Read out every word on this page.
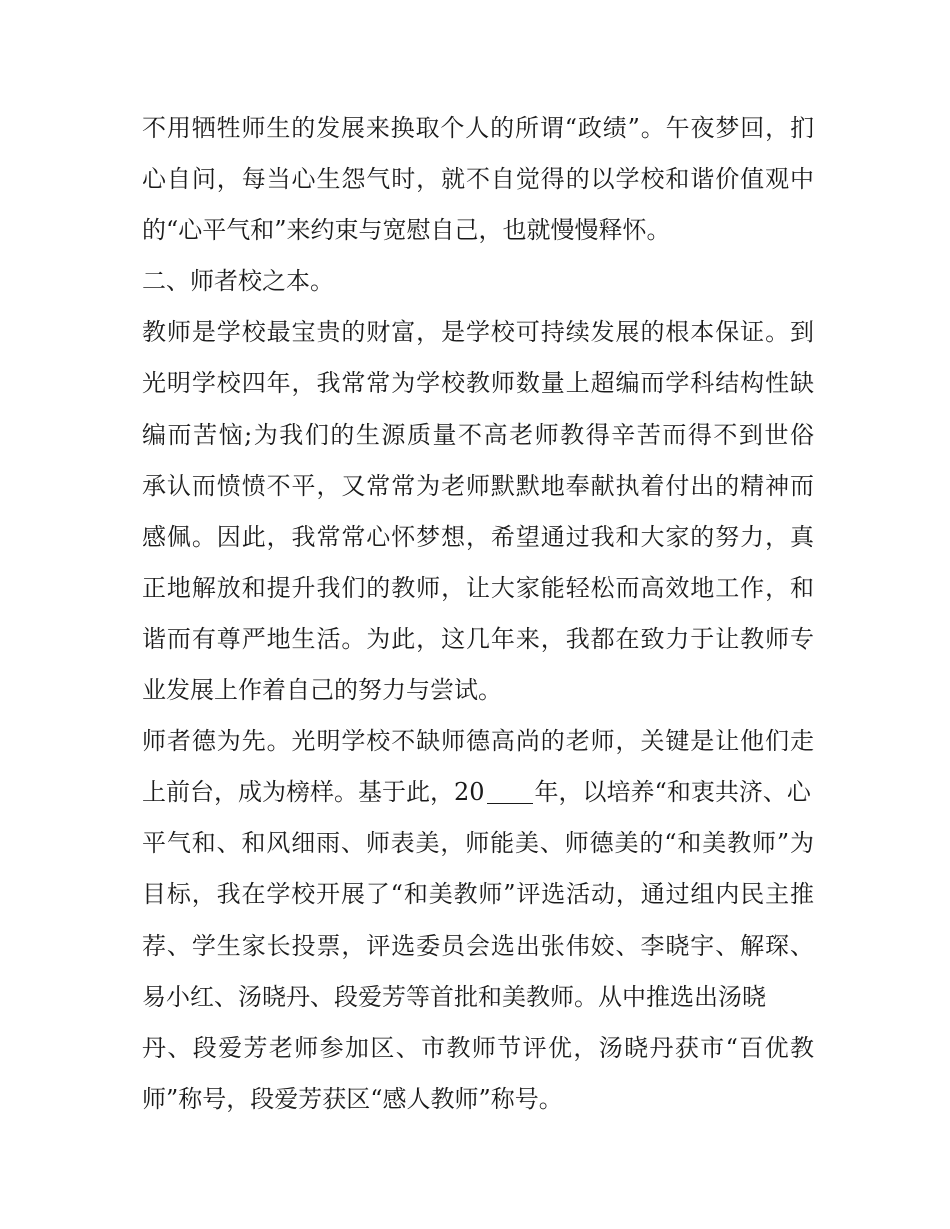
不用牺牲师生的发展来换取个人的所谓“政绩”。午夜梦回，扪
心自问，每当心生怨气时，就不自觉得的以学校和谐价值观中
的“心平气和”来约束与宽慰自己，也就慢慢释怀。
二、师者校之本。
教师是学校最宝贵的财富，是学校可持续发展的根本保证。到
光明学校四年，我常常为学校教师数量上超编而学科结构性缺
编而苦恼;为我们的生源质量不高老师教得辛苦而得不到世俗
承认而愤愤不平，又常常为老师默默地奉献执着付出的精神而
感佩。因此，我常常心怀梦想，希望通过我和大家的努力，真
正地解放和提升我们的教师，让大家能轻松而高效地工作，和
谐而有尊严地生活。为此，这几年来，我都在致力于让教师专
业发展上作着自己的努力与尝试。
师者德为先。光明学校不缺师德高尚的老师，关键是让他们走
上前台，成为榜样。基于此，20 年，以培养“和衷共济、心
平气和、和风细雨、师表美，师能美、师德美的“和美教师”为
目标，我在学校开展了“和美教师”评选活动，通过组内民主推
荐、学生家长投票，评选委员会选出张伟姣、李晓宇、解琛、
易小红、汤晓丹、段爱芳等首批和美教师。从中推选出汤晓
丹、段爱芳老师参加区、市教师节评优，汤晓丹获市“百优教
师”称号，段爱芳获区“感人教师”称号。
